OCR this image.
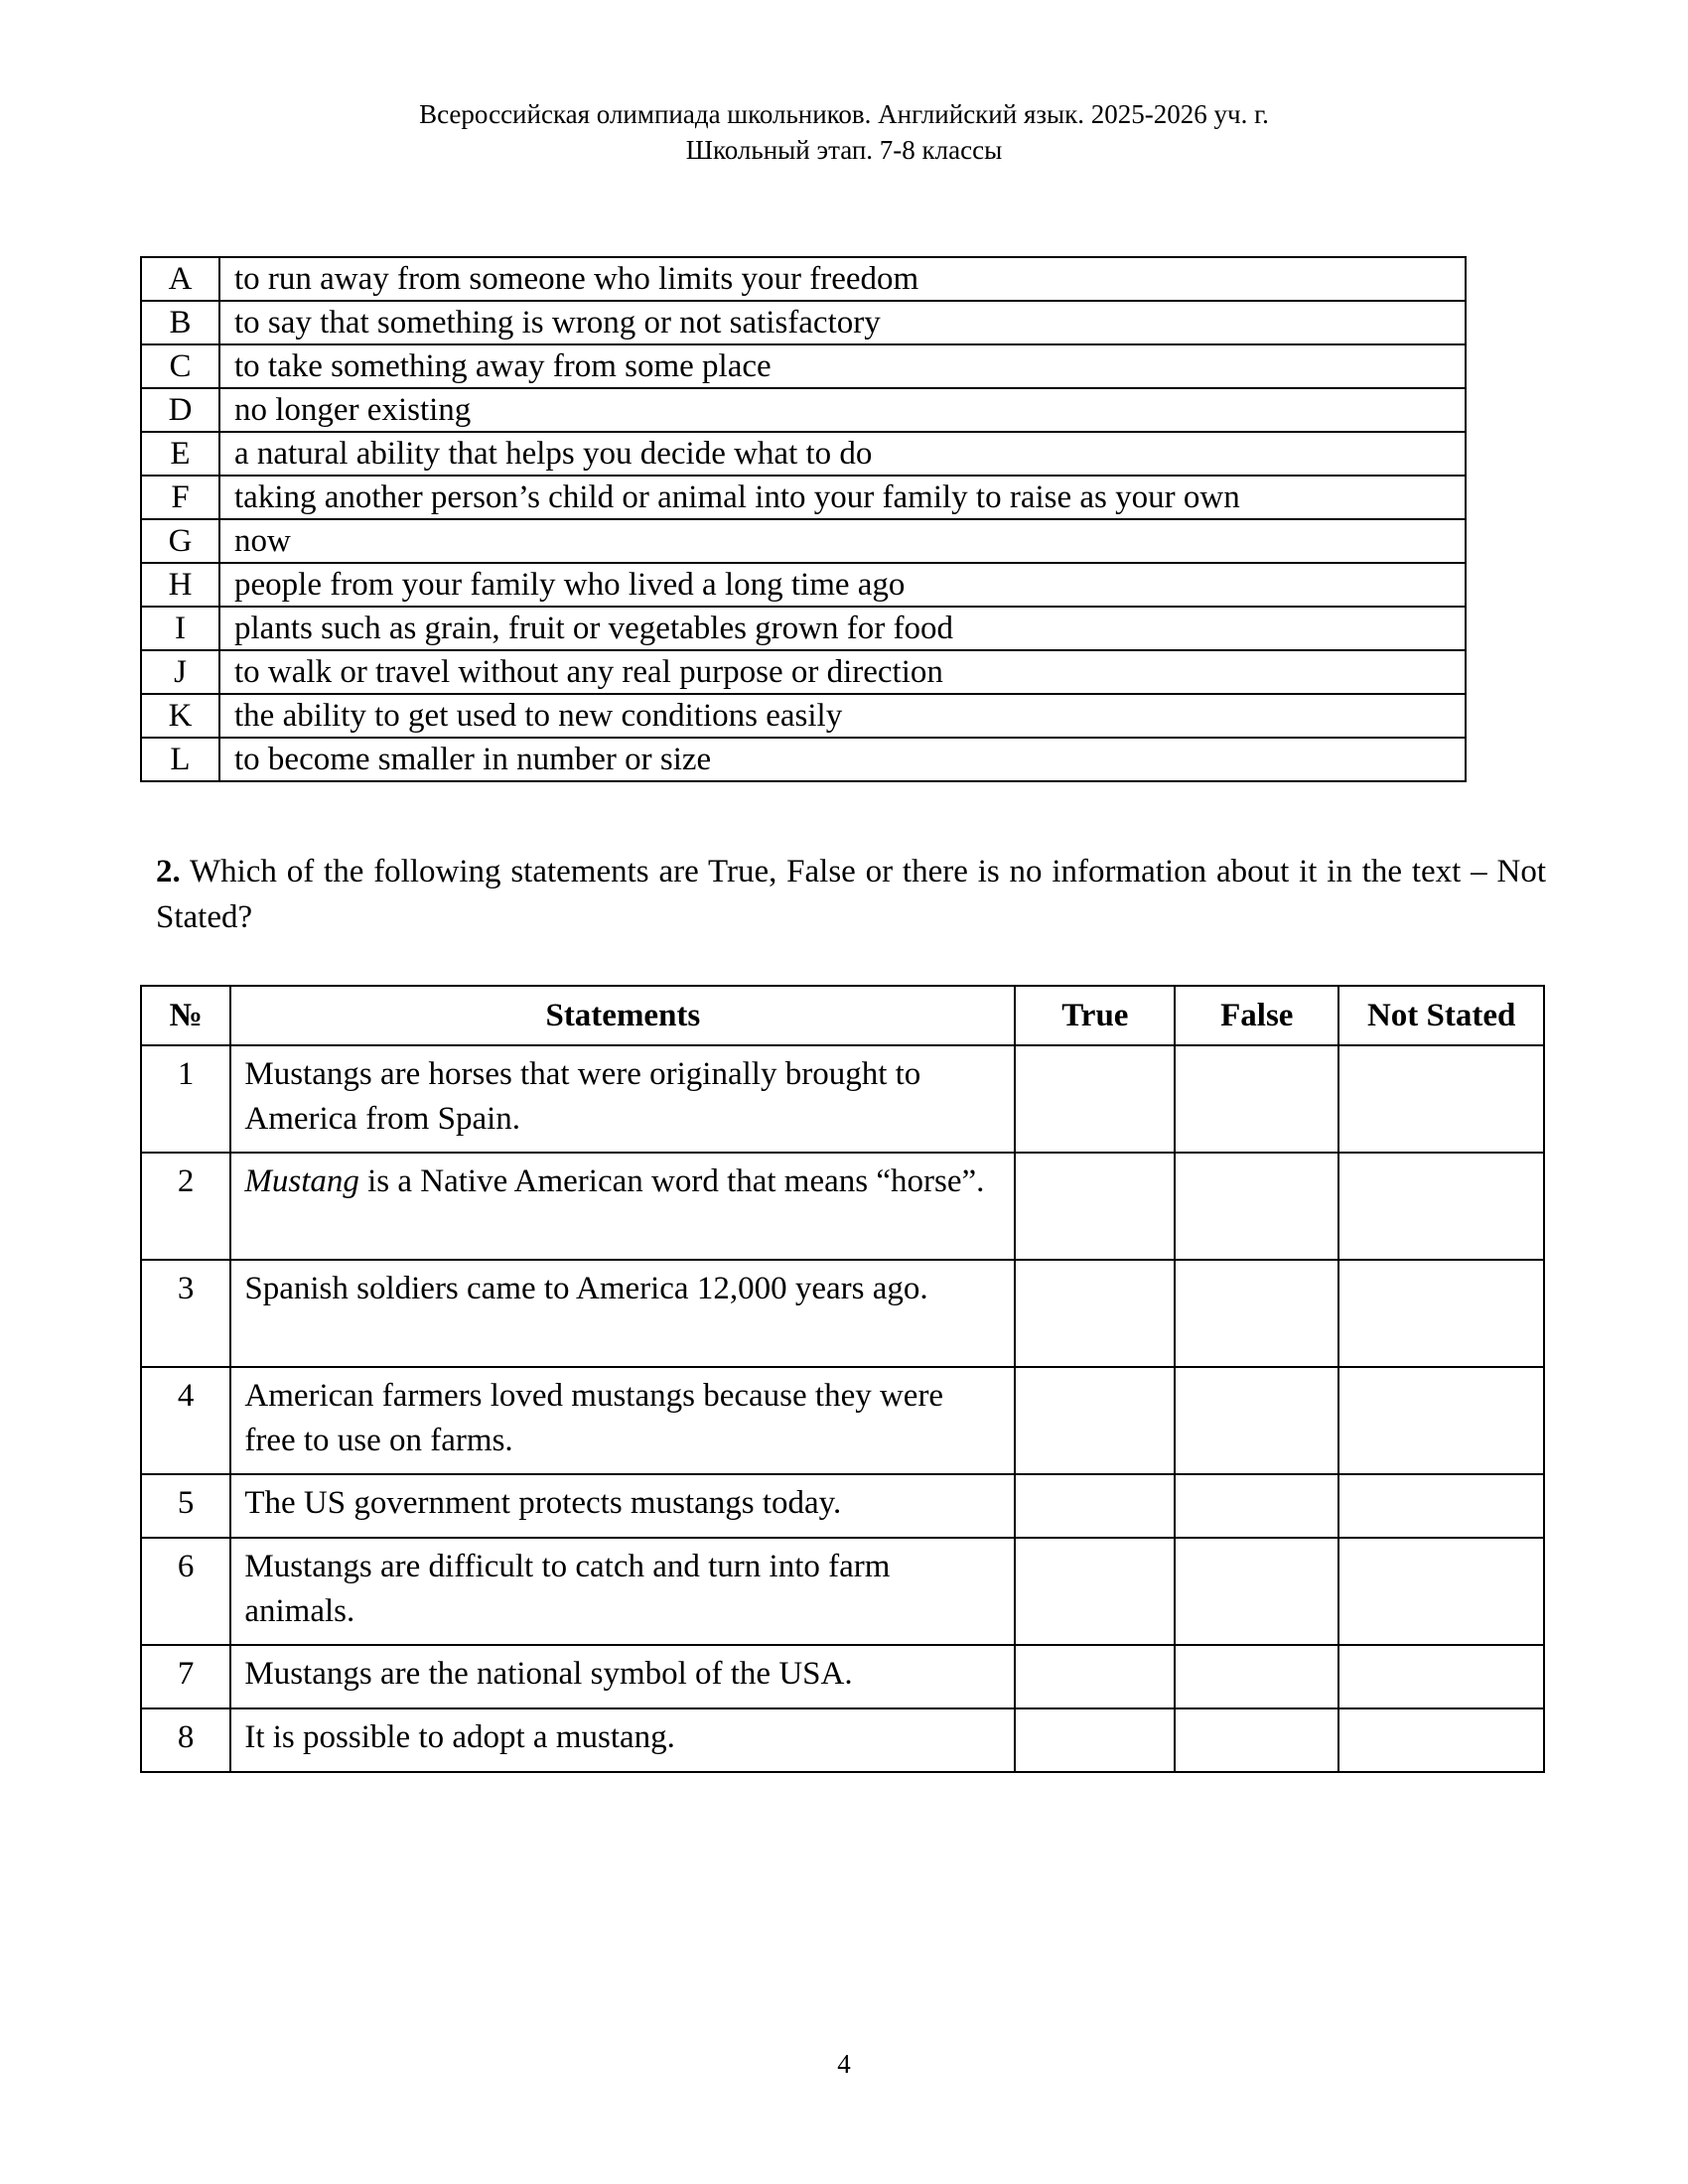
Всероссийская олимпиада школьников. Английский язык. 2025-2026 уч. г.
Школьный этап. 7-8 классы
A	to run away from someone who limits your freedom
B	to say that something is wrong or not satisfactory
C	to take something away from some place
D	no longer existing
E	a natural ability that helps you decide what to do
F	taking another person’s child or animal into your family to raise as your own
G	now
H	people from your family who lived a long time ago
I	plants such as grain, fruit or vegetables grown for food
J	to walk or travel without any real purpose or direction
K	the ability to get used to new conditions easily
L	to become smaller in number or size
2. Which of the following statements are True, False or there is no information about it in the text – Not Stated?
№	Statements	True	False	Not Stated
1	Mustangs are horses that were originally brought to America from Spain.			
2	Mustang is a Native American word that means “horse”.			
3	Spanish soldiers came to America 12,000 years ago.			
4	American farmers loved mustangs because they were free to use on farms.			
5	The US government protects mustangs today.			
6	Mustangs are difficult to catch and turn into farm animals.			
7	Mustangs are the national symbol of the USA.			
8	It is possible to adopt a mustang.			
4
